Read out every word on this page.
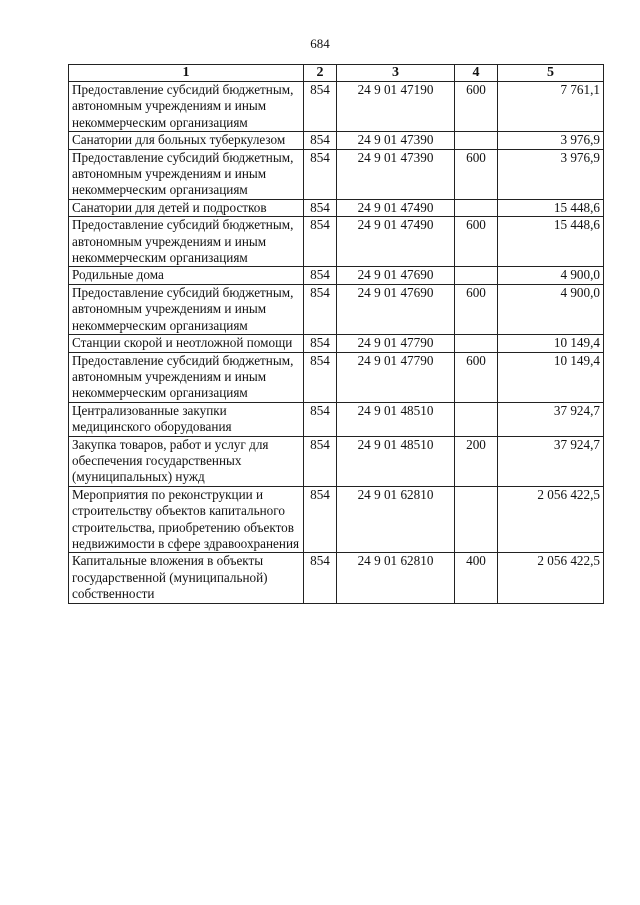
684
1	2	3	4	5
Предоставление субсидий бюджетным, автономным учреждениям и иным некоммерческим организациям	854	24 9 01 47190	600	7 761,1
Санатории для больных туберкулезом	854	24 9 01 47390		3 976,9
Предоставление субсидий бюджетным, автономным учреждениям и иным некоммерческим организациям	854	24 9 01 47390	600	3 976,9
Санатории для детей и подростков	854	24 9 01 47490		15 448,6
Предоставление субсидий бюджетным, автономным учреждениям и иным некоммерческим организациям	854	24 9 01 47490	600	15 448,6
Родильные дома	854	24 9 01 47690		4 900,0
Предоставление субсидий бюджетным, автономным учреждениям и иным некоммерческим организациям	854	24 9 01 47690	600	4 900,0
Станции скорой и неотложной помощи	854	24 9 01 47790		10 149,4
Предоставление субсидий бюджетным, автономным учреждениям и иным некоммерческим организациям	854	24 9 01 47790	600	10 149,4
Централизованные закупки медицинского оборудования	854	24 9 01 48510		37 924,7
Закупка товаров, работ и услуг для обеспечения государственных (муниципальных) нужд	854	24 9 01 48510	200	37 924,7
Мероприятия по реконструкции и строительству объектов капитального строительства, приобретению объектов недвижимости в сфере здравоохранения	854	24 9 01 62810		2 056 422,5
Капитальные вложения в объекты государственной (муниципальной) собственности	854	24 9 01 62810	400	2 056 422,5
